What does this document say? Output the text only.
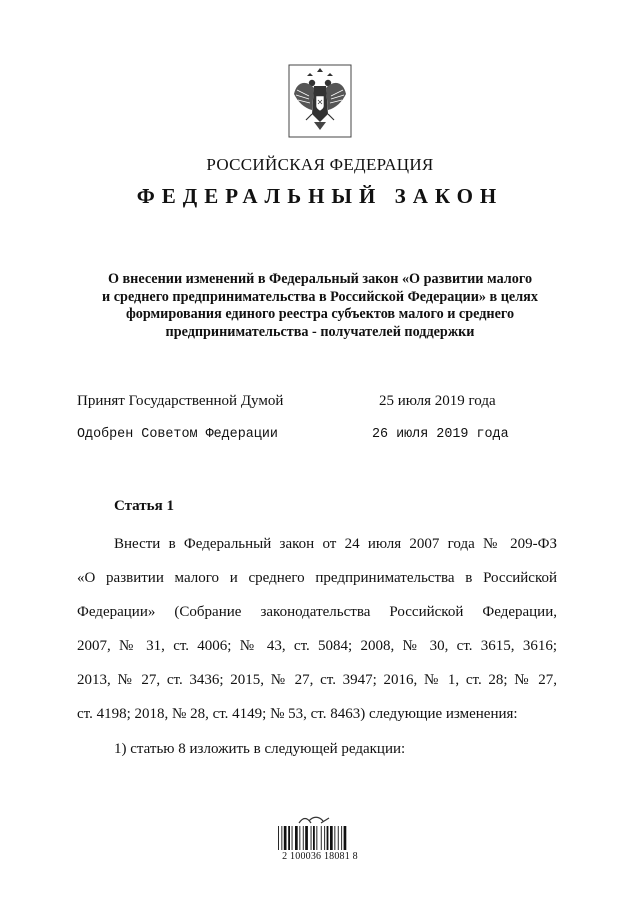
РОССИЙСКАЯ ФЕДЕРАЦИЯ
ФЕДЕРАЛЬНЫЙ ЗАКОН
О внесении изменений в Федеральный закон «О развитии малого
и среднего предпринимательства в Российской Федерации» в целях
формирования единого реестра субъектов малого и среднего
предпринимательства - получателей поддержки
Принят Государственной Думой	25 июля 2019 года
Одобрен Советом Федерации	26 июля 2019 года
Статья 1
Внести в Федеральный закон от 24 июля 2007 года № 209-ФЗ
«О развитии малого и среднего предпринимательства в Российской
Федерации» (Собрание законодательства Российской Федерации,
2007, № 31, ст. 4006; № 43, ст. 5084; 2008, № 30, ст. 3615, 3616;
2013, № 27, ст. 3436; 2015, № 27, ст. 3947; 2016, № 1, ст. 28; № 27,
ст. 4198; 2018, № 28, ст. 4149; № 53, ст. 8463) следующие изменения:
1) статью 8 изложить в следующей редакции:
2 100036 18081 8
